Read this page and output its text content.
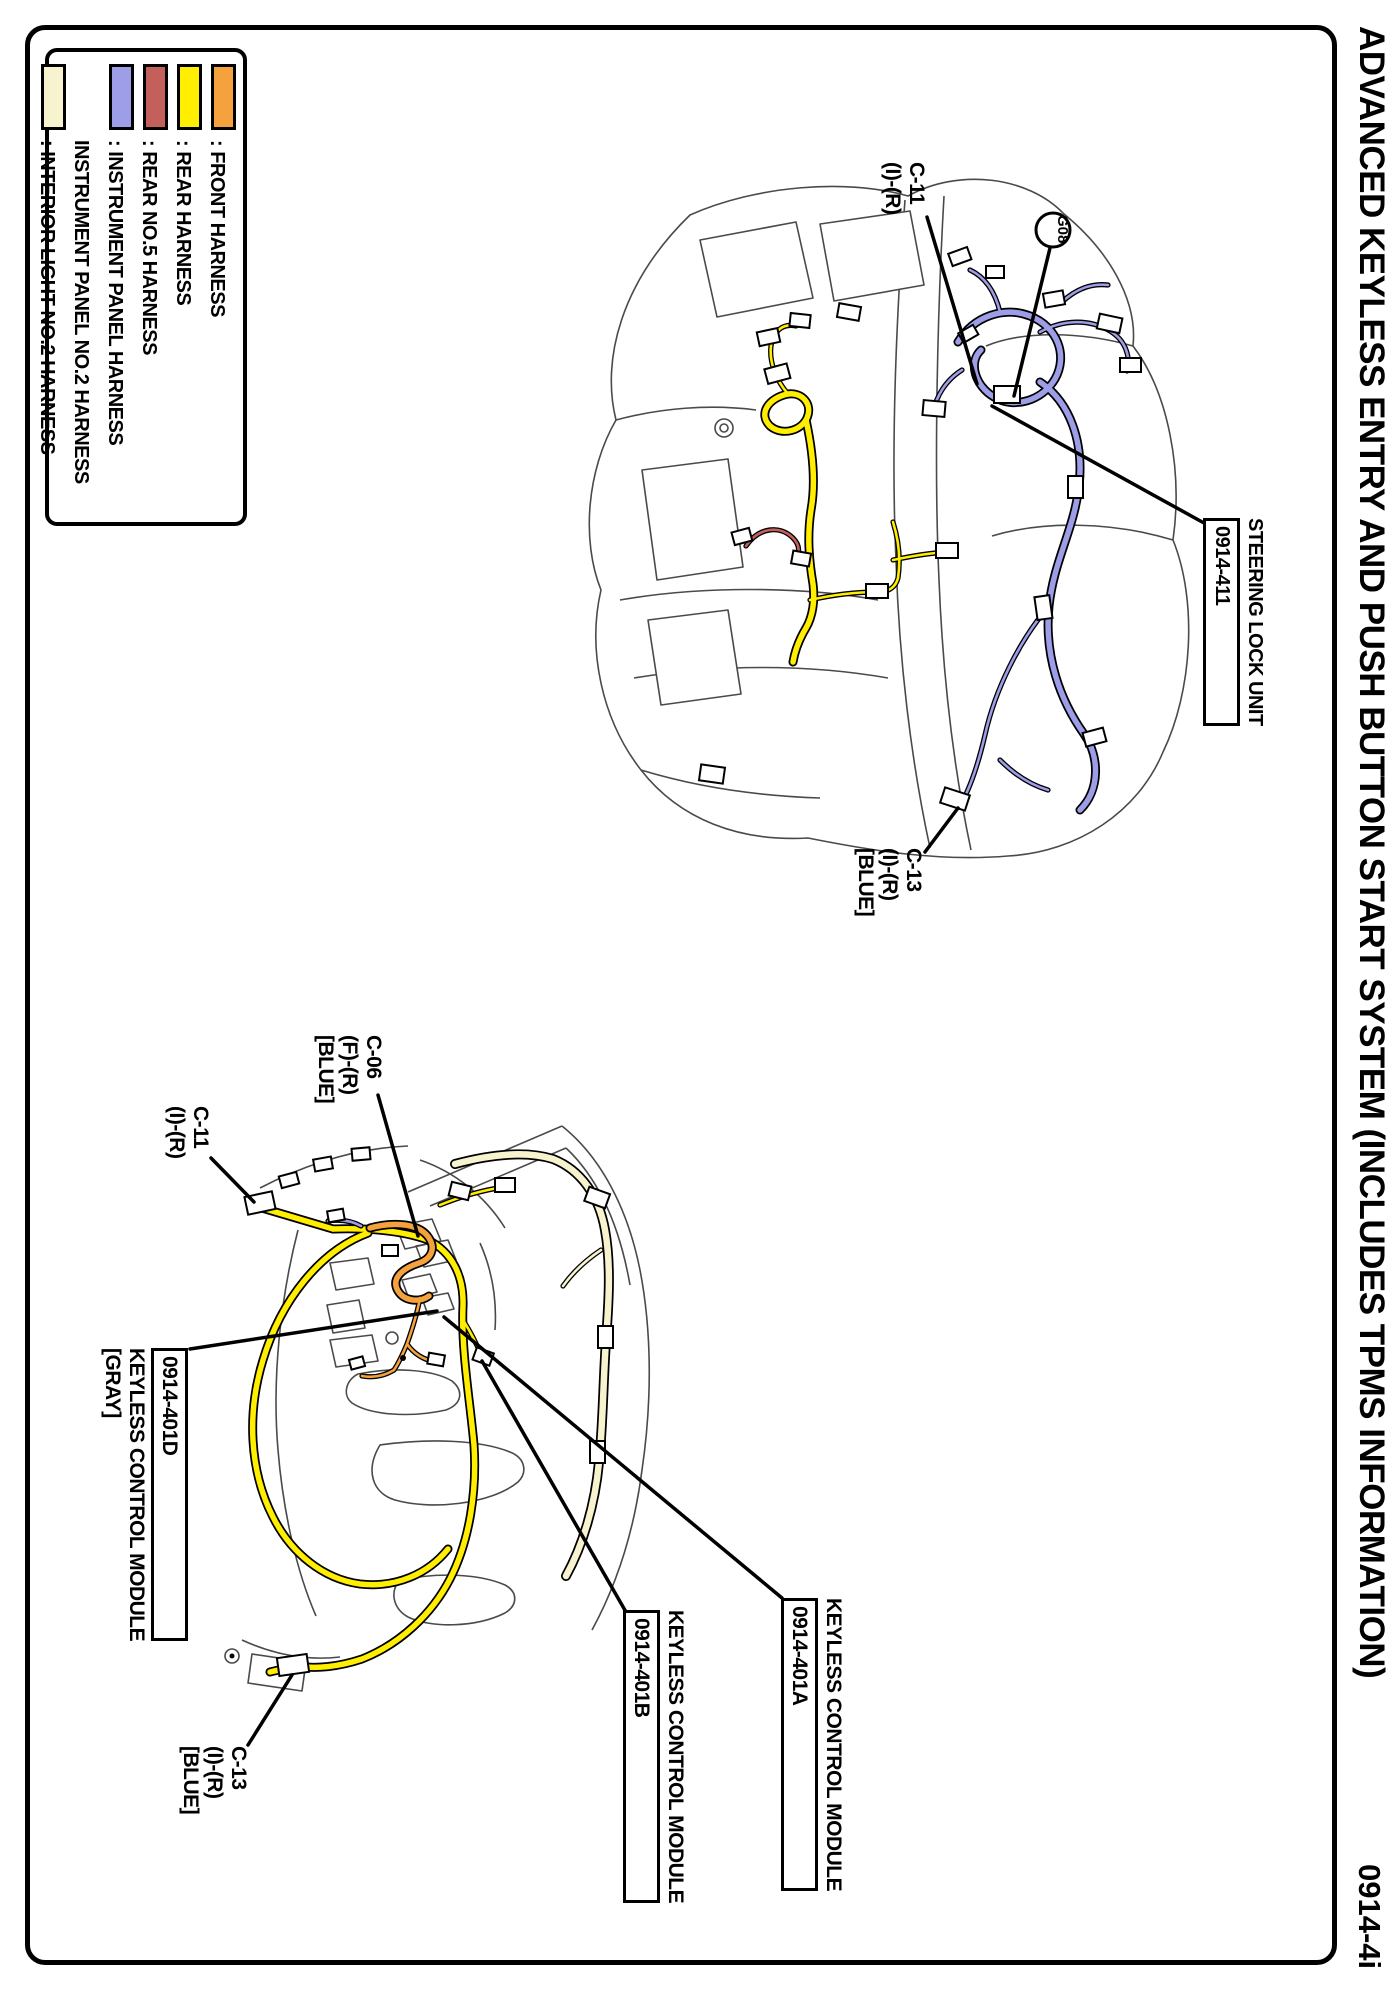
G08
: FRONT HARNESS
: REAR HARNESS
: REAR NO.5 HARNESS
: INSTRUMENT PANEL HARNESS
INSTRUMENT PANEL NO.2 HARNESS
: INTERIOR LIGHT NO.2 HARNESS	ADVANCED KEYLESS ENTRY AND PUSH BUTTON START SYSTEM (INCLUDES TPMS INFORMATION)
0914-4i
C-11
(I)-(R)
STEERING LOCK UNIT
0914-411
C-13
(I)-(R)
[BLUE]
C-06
(F)-(R)
[BLUE]
C-11
(I)-(R)
0914-401D
KEYLESS CONTROL MODULE
[GRAY]
KEYLESS CONTROL MODULE
0914-401B	KEYLESS CONTROL MODULE
0914-401A
C-13
(I)-(R)
[BLUE]
